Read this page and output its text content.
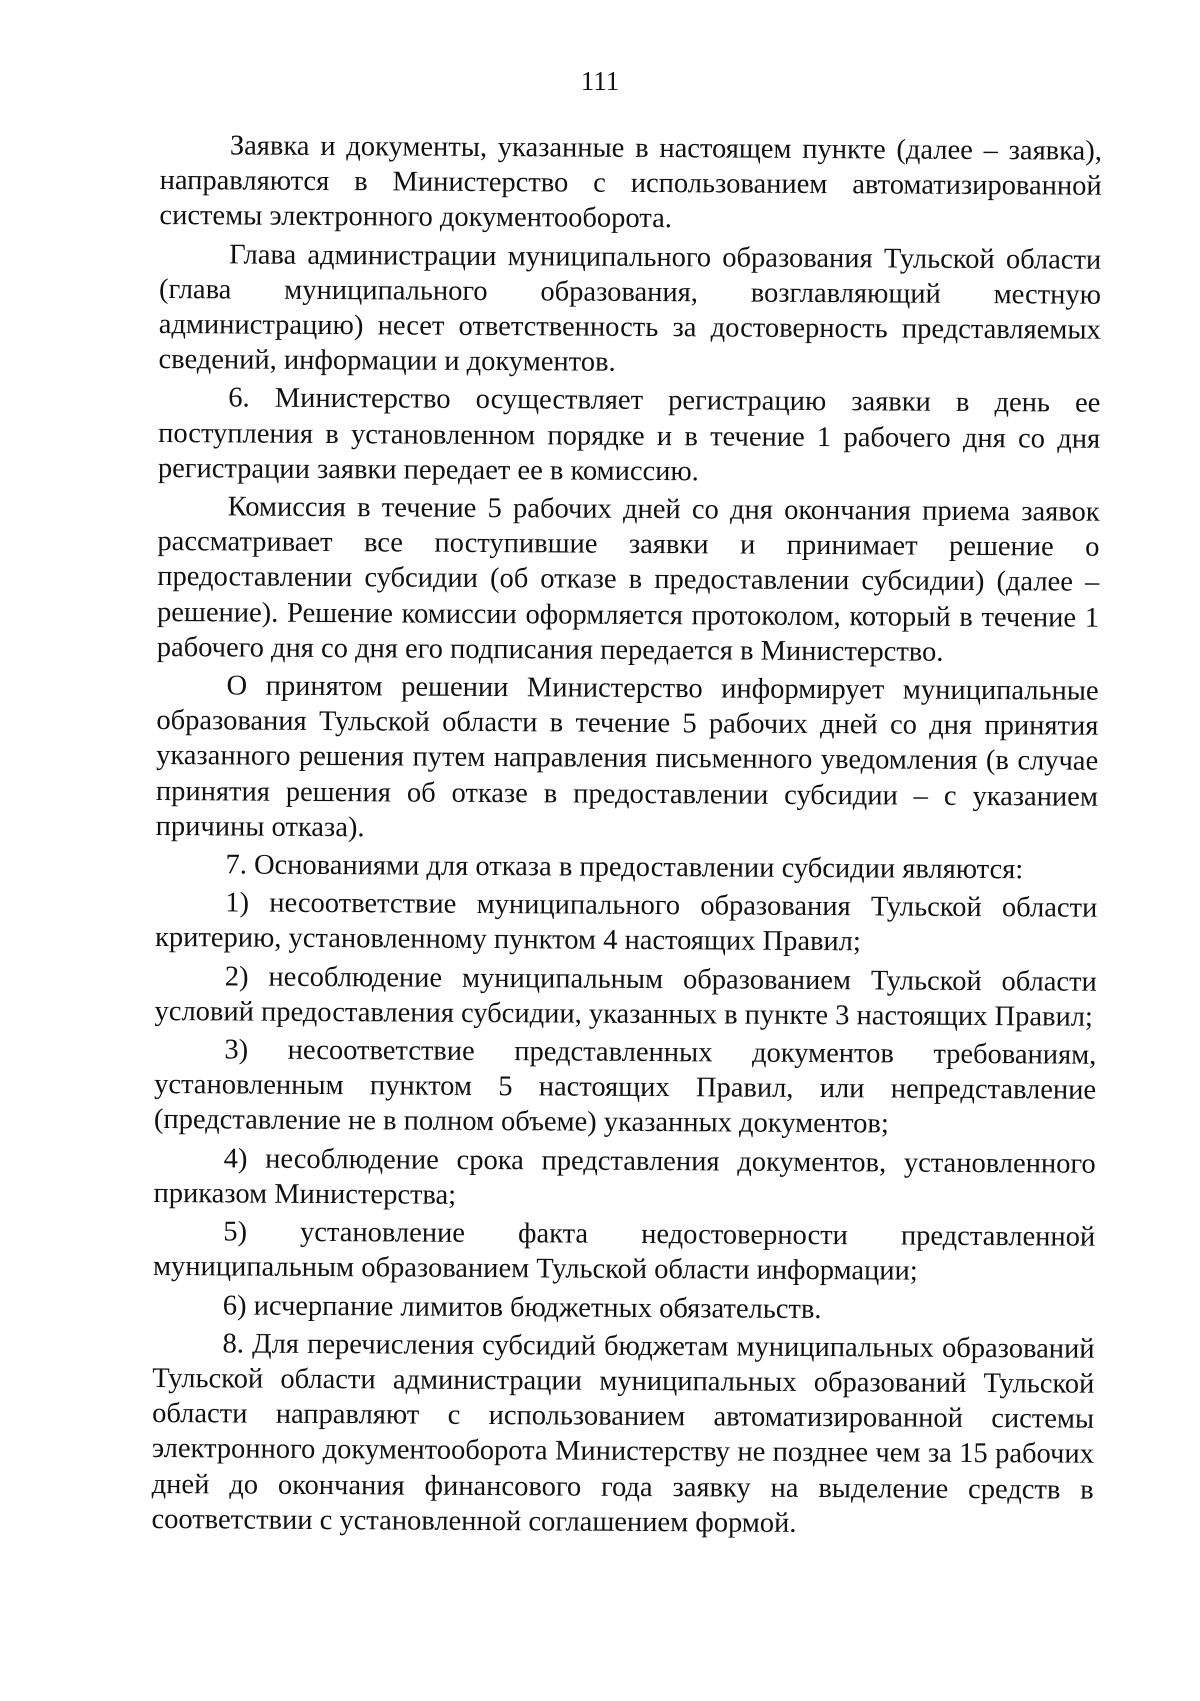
111

Заявка и документы, указанные в настоящем пункте (далее – заявка), направляются в Министерство с использованием автоматизированной системы электронного документооборота.

Глава администрации муниципального образования Тульской области (глава муниципального образования, возглавляющий местную администрацию) несет ответственность за достоверность представляемых сведений, информации и документов.

6. Министерство осуществляет регистрацию заявки в день ее поступления в установленном порядке и в течение 1 рабочего дня со дня регистрации заявки передает ее в комиссию.

Комиссия в течение 5 рабочих дней со дня окончания приема заявок рассматривает все поступившие заявки и принимает решение о предоставлении субсидии (об отказе в предоставлении субсидии) (далее – решение). Решение комиссии оформляется протоколом, который в течение 1 рабочего дня со дня его подписания передается в Министерство.

О принятом решении Министерство информирует муниципальные образования Тульской области в течение 5 рабочих дней со дня принятия указанного решения путем направления письменного уведомления (в случае принятия решения об отказе в предоставлении субсидии – с указанием причины отказа).

7. Основаниями для отказа в предоставлении субсидии являются:

1) несоответствие муниципального образования Тульской области критерию, установленному пунктом 4 настоящих Правил;

2) несоблюдение муниципальным образованием Тульской области условий предоставления субсидии, указанных в пункте 3 настоящих Правил;

3) несоответствие представленных документов требованиям, установленным пунктом 5 настоящих Правил, или непредставление (представление не в полном объеме) указанных документов;

4) несоблюдение срока представления документов, установленного приказом Министерства;

5) установление факта недостоверности представленной муниципальным образованием Тульской области информации;

6) исчерпание лимитов бюджетных обязательств.

8. Для перечисления субсидий бюджетам муниципальных образований Тульской области администрации муниципальных образований Тульской области направляют с использованием автоматизированной системы электронного документооборота Министерству не позднее чем за 15 рабочих дней до окончания финансового года заявку на выделение средств в соответствии с установленной соглашением формой.
